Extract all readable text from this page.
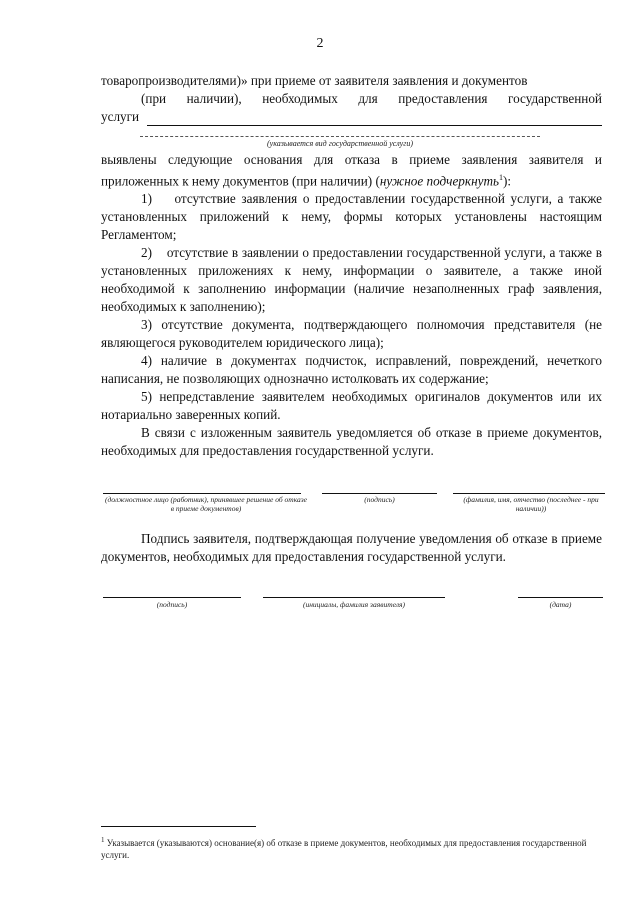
2

товаропроизводителями)» при приеме от заявителя заявления и документов

(при наличии), необходимых для предоставления государственной

услуги
(указывается вид государственной услуги)

выявлены следующие основания для отказа в приеме заявления заявителя и приложенных к нему документов (при наличии) (нужное подчеркнуть$^1$):

1)    отсутствие заявления о предоставлении государственной услуги, а также установленных приложений к нему, формы которых установлены настоящим Регламентом;

2)    отсутствие в заявлении о предоставлении государственной услуги, а также в установленных приложениях к нему, информации о заявителе, а также иной необходимой к заполнению информации (наличие незаполненных граф заявления, необходимых к заполнению);

3) отсутствие документа, подтверждающего полномочия представителя (не являющегося руководителем юридического лица);

4) наличие в документах подчисток, исправлений, повреждений, нечеткого написания, не позволяющих однозначно истолковать их содержание;

5) непредставление заявителем необходимых оригиналов документов или их нотариально заверенных копий.

В связи с изложенным заявитель уведомляется об отказе в приеме документов, необходимых для предоставления государственной услуги.

(должностное лицо (работник), принявшее решение об отказе в приеме документов)
(подпись)	(фамилия, имя, отчество (последнее - при наличии))

Подпись заявителя, подтверждающая получение уведомления об отказе в приеме документов, необходимых для предоставления государственной услуги.

(подпись)	(инициалы, фамилия заявителя)	(дата)
$^1$ Указывается (указываются) основание(я) об отказе в приеме документов, необходимых для предоставления государственной услуги.
